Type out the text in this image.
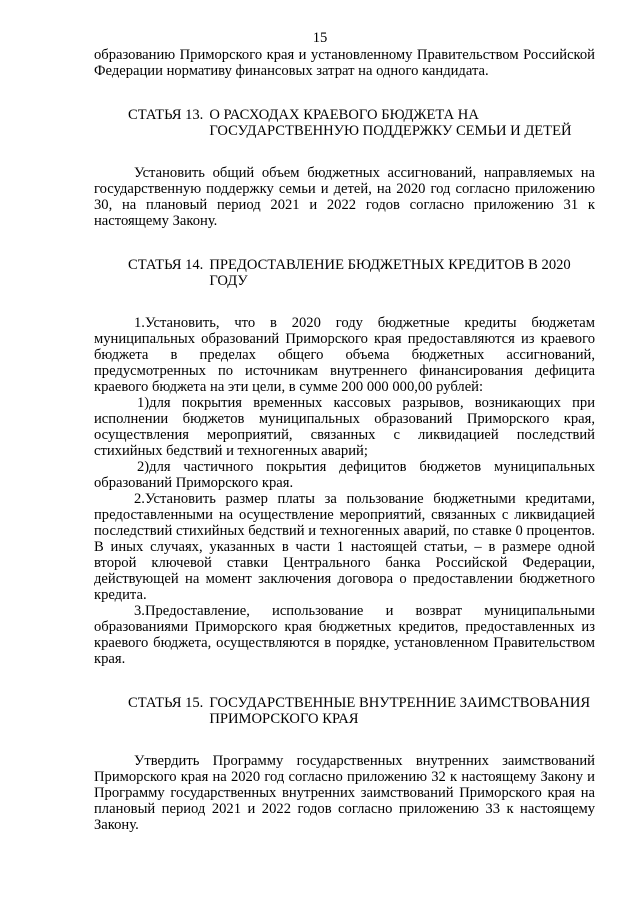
15

образованию Приморского края и установленному Правительством Российской Федерации нормативу финансовых затрат на одного кандидата.

СТАТЬЯ 13. О РАСХОДАХ КРАЕВОГО БЮДЖЕТА НА ГОСУДАРСТВЕННУЮ ПОДДЕРЖКУ СЕМЬИ И ДЕТЕЙ

Установить общий объем бюджетных ассигнований, направляемых на государственную поддержку семьи и детей, на 2020 год согласно приложению 30, на плановый период 2021 и 2022 годов согласно приложению 31 к настоящему Закону.

СТАТЬЯ 14. ПРЕДОСТАВЛЕНИЕ БЮДЖЕТНЫХ КРЕДИТОВ В 2020 ГОДУ

1.Установить, что в 2020 году бюджетные кредиты бюджетам муниципальных образований Приморского края предоставляются из краевого бюджета в пределах общего объема бюджетных ассигнований, предусмотренных по источникам внутреннего финансирования дефицита краевого бюджета на эти цели, в сумме 200 000 000,00 рублей:

1)для покрытия временных кассовых разрывов, возникающих при исполнении бюджетов муниципальных образований Приморского края, осуществления мероприятий, связанных с ликвидацией последствий стихийных бедствий и техногенных аварий;

2)для частичного покрытия дефицитов бюджетов муниципальных образований Приморского края.

2.Установить размер платы за пользование бюджетными кредитами, предоставленными на осуществление мероприятий, связанных с ликвидацией последствий стихийных бедствий и техногенных аварий, по ставке 0 процентов. В иных случаях, указанных в части 1 настоящей статьи, – в размере одной второй ключевой ставки Центрального банка Российской Федерации, действующей на момент заключения договора о предоставлении бюджетного кредита.

3.Предоставление, использование и возврат муниципальными образованиями Приморского края бюджетных кредитов, предоставленных из краевого бюджета, осуществляются в порядке, установленном Правительством края.

СТАТЬЯ 15. ГОСУДАРСТВЕННЫЕ ВНУТРЕННИЕ ЗАИМСТВОВАНИЯ ПРИМОРСКОГО КРАЯ

Утвердить Программу государственных внутренних заимствований Приморского края на 2020 год согласно приложению 32 к настоящему Закону и Программу государственных внутренних заимствований Приморского края на плановый период 2021 и 2022 годов согласно приложению 33 к настоящему Закону.
